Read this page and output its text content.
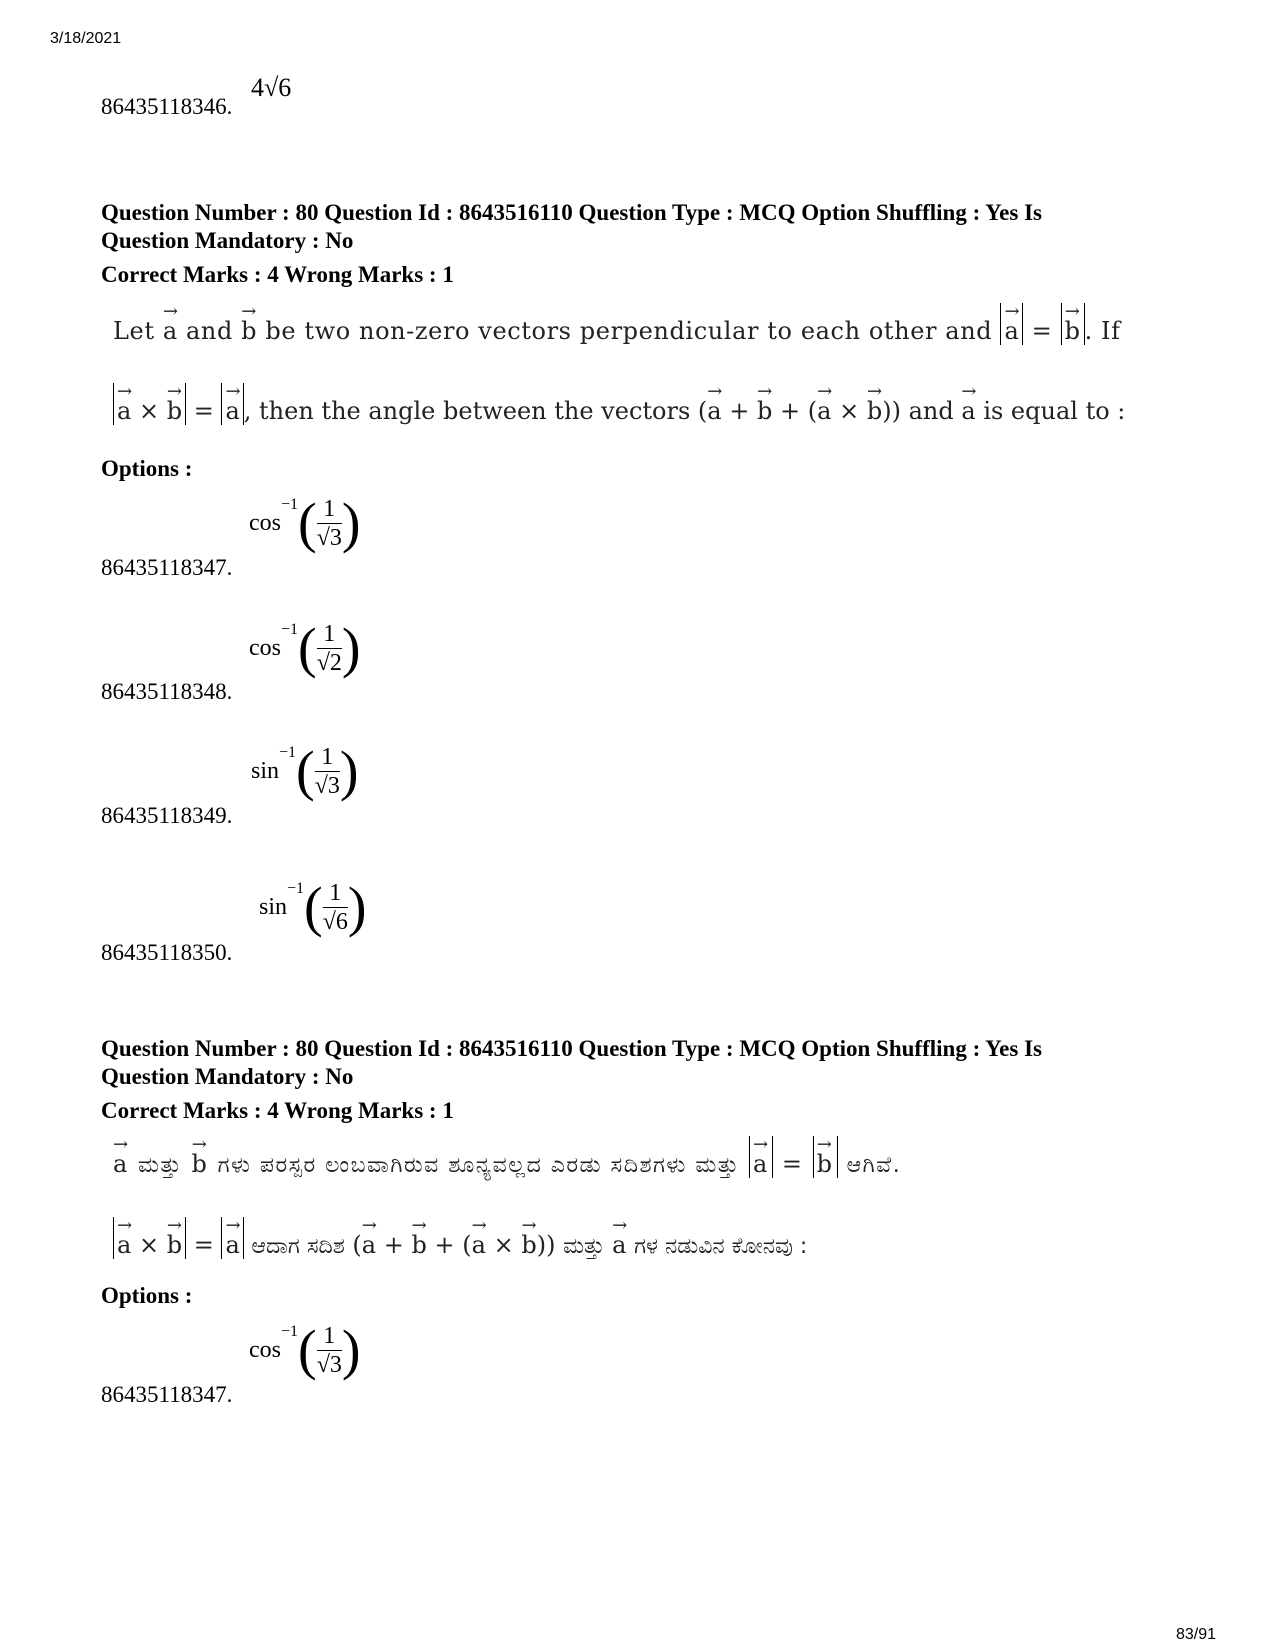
3/18/2021
83/91
86435118346.
4√6
Question Number : 80 Question Id : 8643516110 Question Type : MCQ Option Shuffling : Yes Is
Question Mandatory : No
Correct Marks : 4 Wrong Marks : 1
Let → a and → b be two non-zero vectors perpendicular to each other and → a = → b . If
→ a × → b = → a , then the angle between the vectors (→ a + → b + (→ a × → b)) and → a is equal to :
Options :
86435118347.
$\cos-1( \frac{1}{√3}$ )
86435118348.
$\cos-1( \frac{1}{√2}$ )
86435118349.
$\sin-1( \frac{1}{√3}$ )
86435118350.
$\sin-1( \frac{1}{√6}$ )
Question Number : 80 Question Id : 8643516110 Question Type : MCQ Option Shuffling : Yes Is
Question Mandatory : No
Correct Marks : 4 Wrong Marks : 1
→ a ಮತ್ತು → b ಗಳು ಪರಸ್ಪರ ಲಂಬವಾಗಿರುವ ಶೂನ್ಯವಲ್ಲದ ಎರಡು ಸದಿಶಗಳು ಮತ್ತು → a = → b ಆಗಿವೆ.
→ a × → b = → a ಆದಾಗ ಸದಿಶ (→ a + → b + (→ a × → b)) ಮತ್ತು → a ಗಳ ನಡುವಿನ ಕೋನವು :
Options :
86435118347.
$\cos-1( \frac{1}{√3}$ )
